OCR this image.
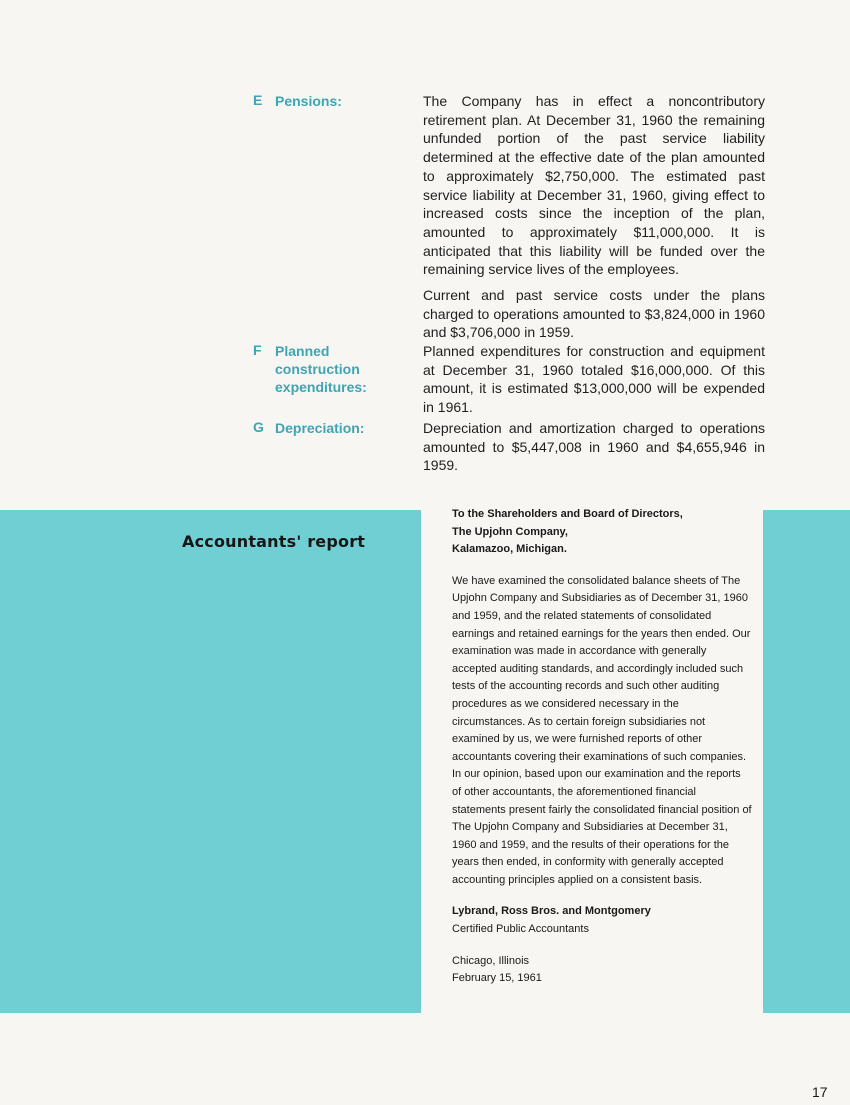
E Pensions:	The Company has in effect a noncontributory retirement plan. At December 31, 1960 the remaining unfunded portion of the past service liability determined at the effective date of the plan amounted to approximately $2,750,000. The estimated past service liability at December 31, 1960, giving effect to increased costs since the inception of the plan, amounted to approximately $11,000,000. It is anticipated that this liability will be funded over the remaining service lives of the employees.

Current and past service costs under the plans charged to operations amounted to $3,824,000 in 1960 and $3,706,000 in 1959.

F Planned construction
expenditures:

Planned expenditures for construction and equipment at December 31, 1960 totaled $16,000,000. Of this amount, it is estimated $13,000,000 will be expended in 1961.

G Depreciation:	Depreciation and amortization charged to operations amounted to $5,447,008 in 1960 and $4,655,946 in 1959.

Accountants' report

To the Shareholders and Board of Directors,

The Upjohn Company,

Kalamazoo, Michigan.

We have examined the consolidated balance sheets of The Upjohn Company and Subsidiaries as of December 31, 1960 and 1959, and the related statements of consolidated earnings and retained earnings for the years then ended. Our examination was made in accordance with generally accepted auditing standards, and accordingly included such tests of the accounting records and such other auditing procedures as we considered necessary in the circumstances. As to certain foreign subsidiaries not examined by us, we were furnished reports of other accountants covering their examinations of such companies.

In our opinion, based upon our examination and the reports of other accountants, the aforementioned financial statements present fairly the consolidated financial position of The Upjohn Company and Subsidiaries at December 31, 1960 and 1959, and the results of their operations for the years then ended, in conformity with generally accepted accounting principles applied on a consistent basis.

Lybrand, Ross Bros. and Montgomery

Certified Public Accountants

Chicago, Illinois

February 15, 1961

17
